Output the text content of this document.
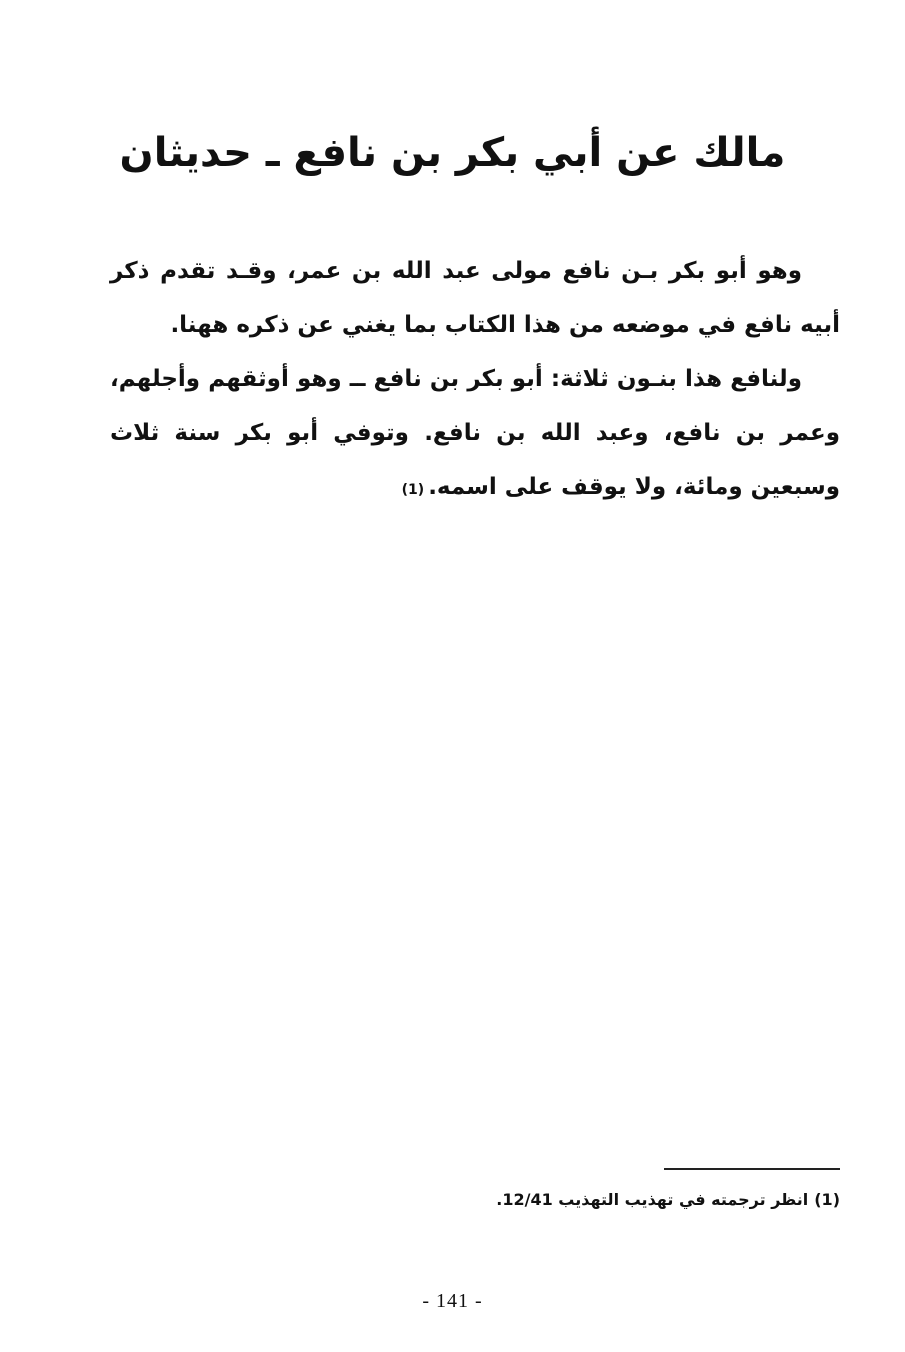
مالك عن أبي بكر بن نافع ـ حديثان

وهو أبو بكر بـن نافع مولى عبد الله بن عمر، وقـد تقدم ذكر أبيه نافع في موضعه من هذا الكتاب بما يغني عن ذكره ههنا.

ولنافع هذا بنـون ثلاثة: أبو بكر بن نافع ــ وهو أوثقهم وأجلهم، وعمر بن نافع، وعبد الله بن نافع. وتوفي أبو بكر سنة ثلاث وسبعين ومائة، ولا يوقف على اسمه.(1)

(1)انظر ترجمته في تهذيب التهذيب 12/41.
- 141 -
